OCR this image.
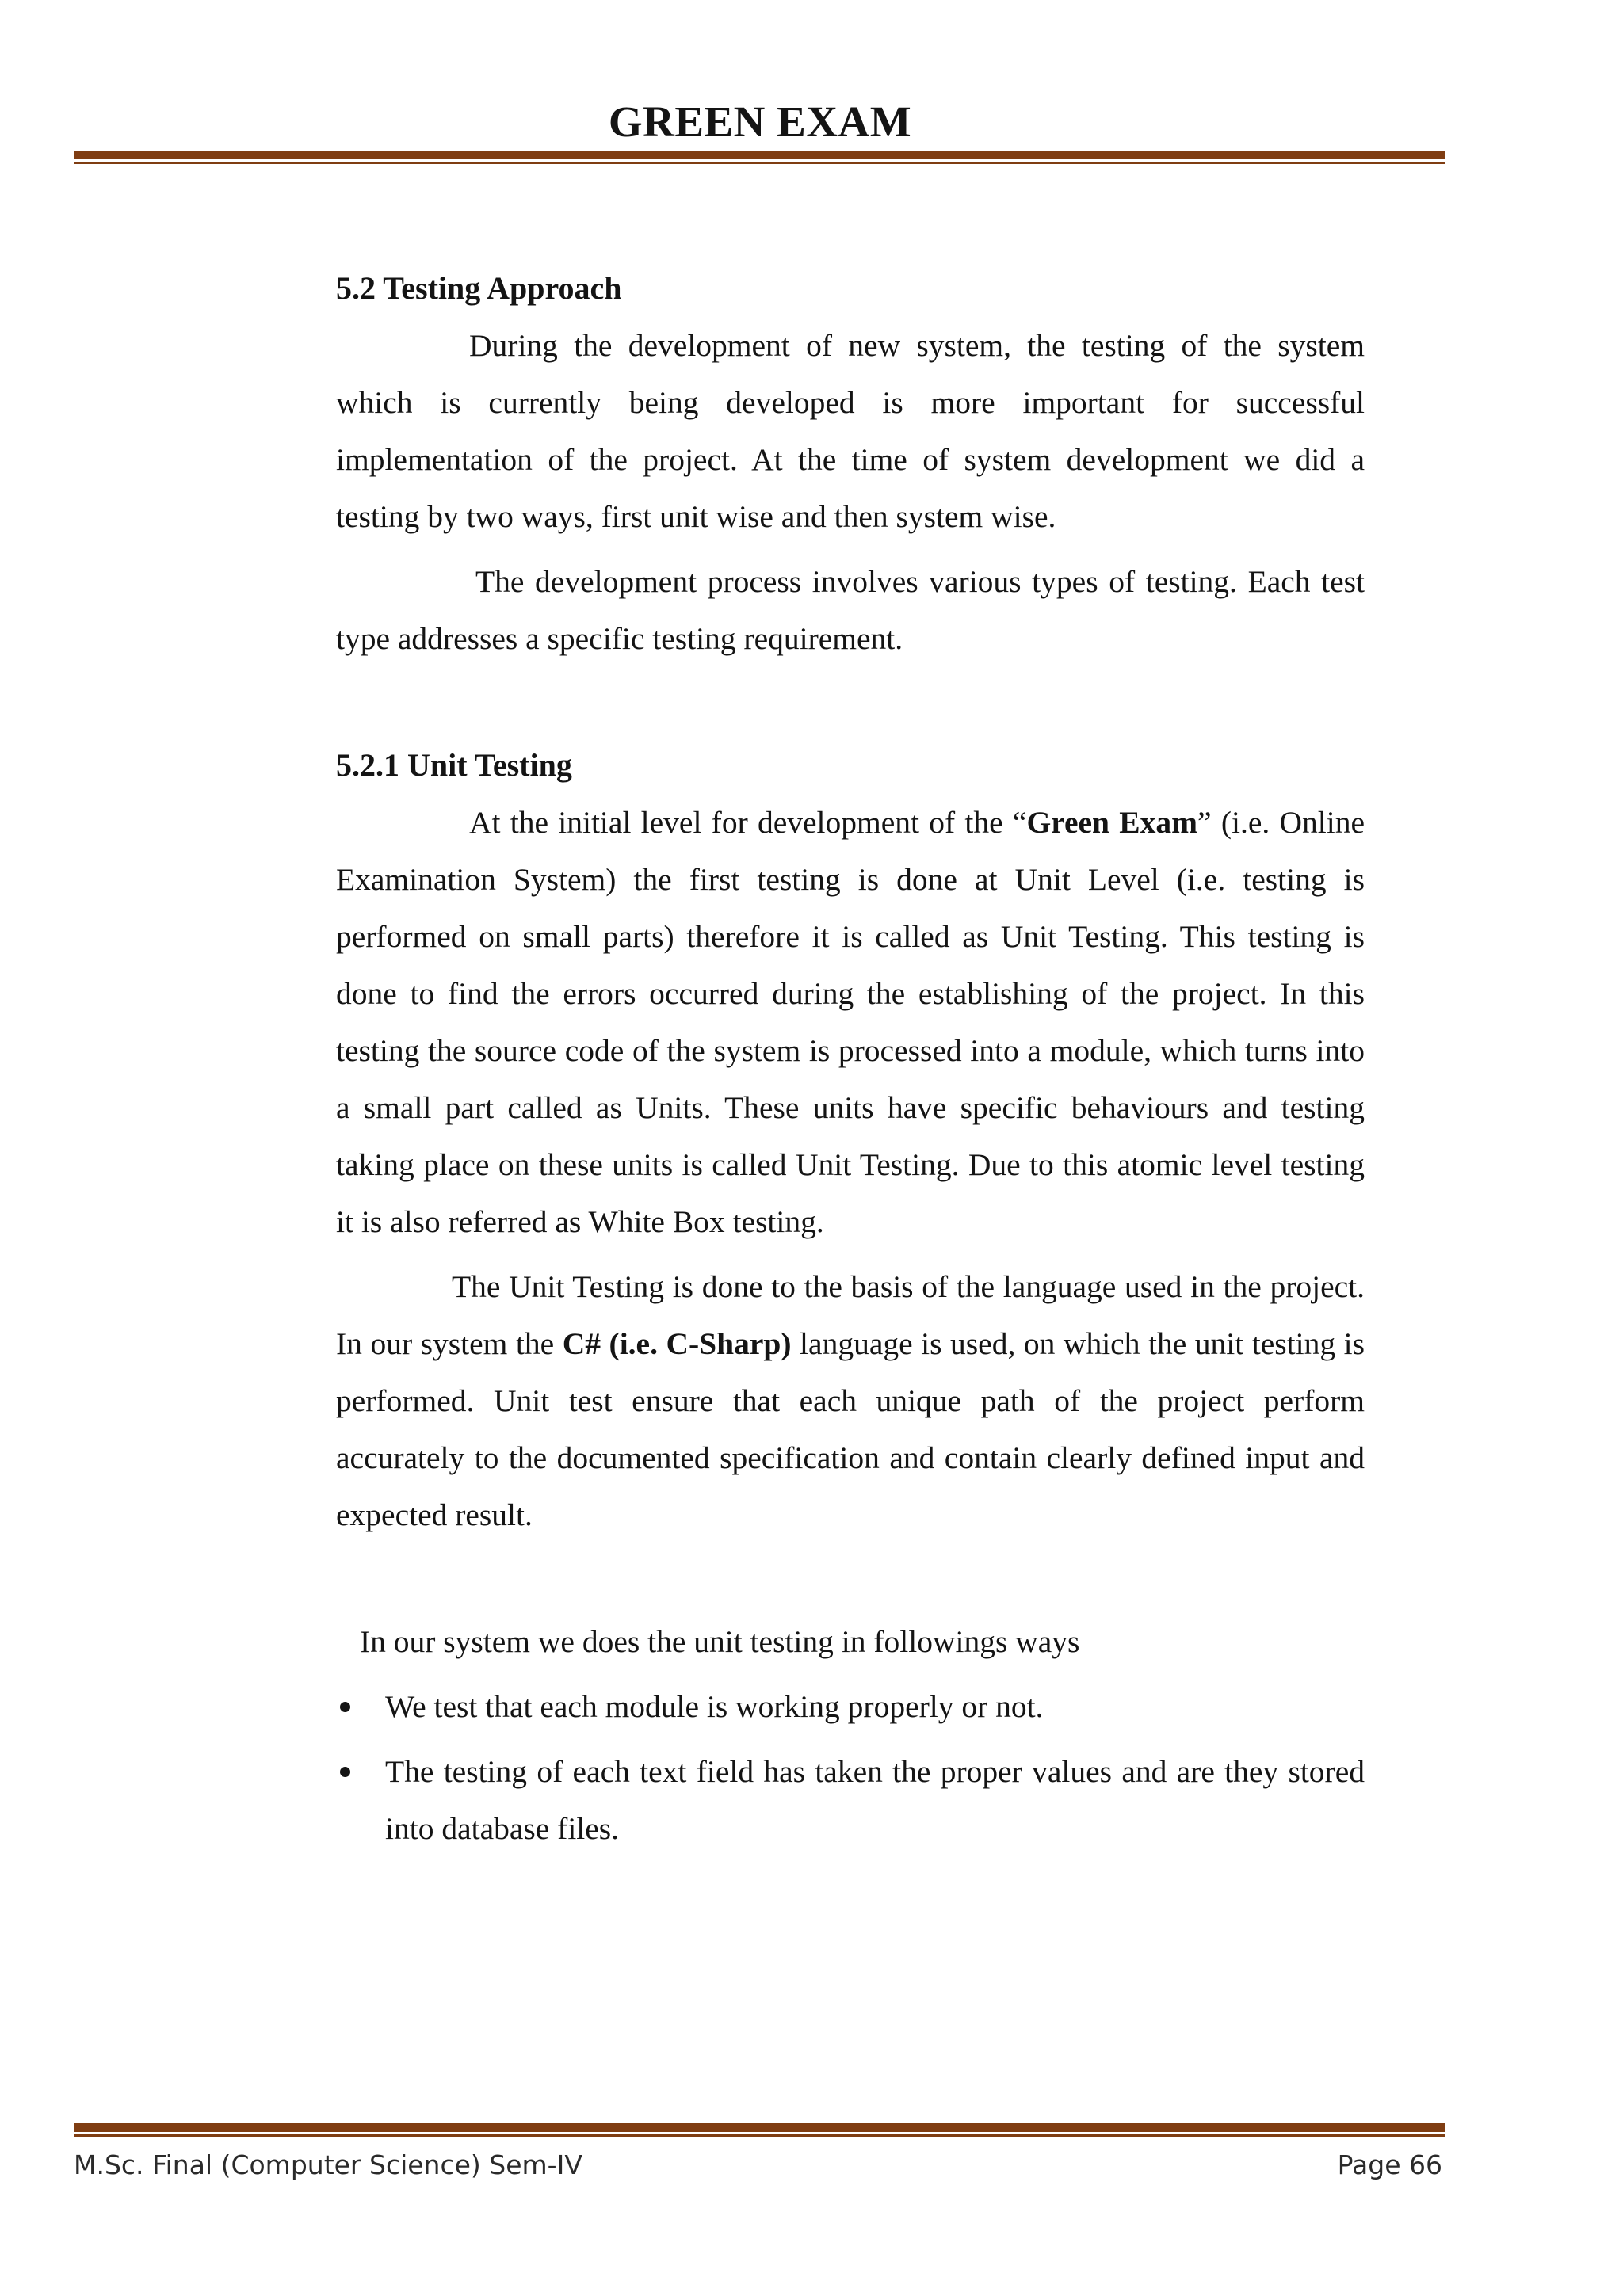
GREEN EXAM

5.2 Testing Approach

During the development of new system, the testing of the system which is currently being developed is more important for successful implementation of the project. At the time of system development we did a testing by two ways, first unit wise and then system wise.

The development process involves various types of testing. Each test type addresses a specific testing requirement.

5.2.1 Unit Testing

At the initial level for development of the “Green Exam” (i.e. Online Examination System) the first testing is done at Unit Level (i.e. testing is performed on small parts) therefore it is called as Unit Testing. This testing is done to find the errors occurred during the establishing of the project. In this testing the source code of the system is processed into a module, which turns into a small part called as Units. These units have specific behaviours and testing taking place on these units is called Unit Testing. Due to this atomic level testing it is also referred as White Box testing.

The Unit Testing is done to the basis of the language used in the project. In our system the C# (i.e. C-Sharp) language is used, on which the unit testing is performed. Unit test ensure that each unique path of the project perform accurately to the documented specification and contain clearly defined input and expected result.

In our system we does the unit testing in followings ways

We test that each module is working properly or not.
The testing of each text field has taken the proper values and are they stored into database files.

M.Sc. Final (Computer Science) Sem-IV	Page 66
